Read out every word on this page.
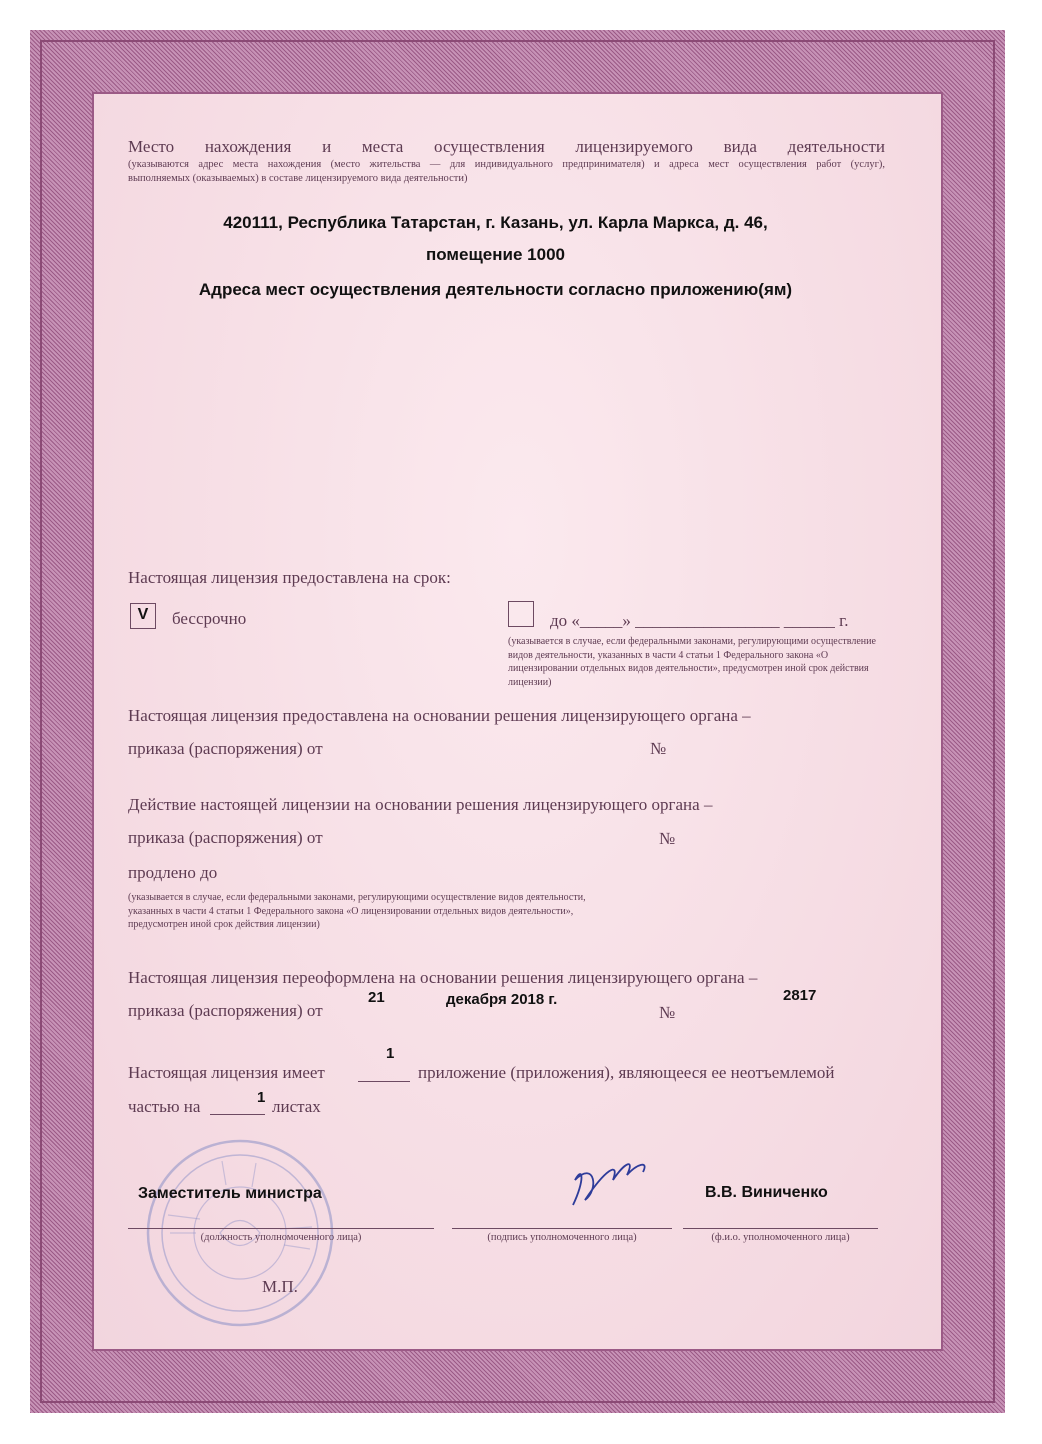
Место нахождения и места осуществления лицензируемого вида деятельности
(указываются адрес места нахождения (место жительства — для индивидуального предпринимателя) и адреса мест осуществления работ (услуг),
выполняемых (оказываемых) в составе лицензируемого вида деятельности)
420111, Республика Татарстан, г. Казань, ул. Карла Маркса, д. 46,
помещение 1000
Адреса мест осуществления деятельности согласно приложению(ям)
Настоящая лицензия предоставлена на срок:
V	бессрочно	до «_____» _________________ ______ г.
(указывается в случае, если федеральными законами, регулирующими осуществление видов деятельности, указанных в части 4 статьи 1 Федерального закона «О лицензировании отдельных видов деятельности», предусмотрен иной срок действия лицензии)
Настоящая лицензия предоставлена на основании решения лицензирующего органа –
приказа (распоряжения) от	№
Действие настоящей лицензии на основании решения лицензирующего органа –
приказа (распоряжения) от	№
продлено до
(указывается в случае, если федеральными законами, регулирующими осуществление видов деятельности, указанных в части 4 статьи 1 Федерального закона «О лицензировании отдельных видов деятельности», предусмотрен иной срок действия лицензии)
Настоящая лицензия переоформлена на основании решения лицензирующего органа –
приказа (распоряжения) от
21	декабря 2018 г.
№
2817
1
Настоящая лицензия имеет	приложение (приложения), являющееся ее неотъемлемой
частью на	1 листах
Заместитель министра	В.В. Виниченко
(должность уполномоченного лица)	(подпись уполномоченного лица)	(ф.и.о. уполномоченного лица)
М.П.
